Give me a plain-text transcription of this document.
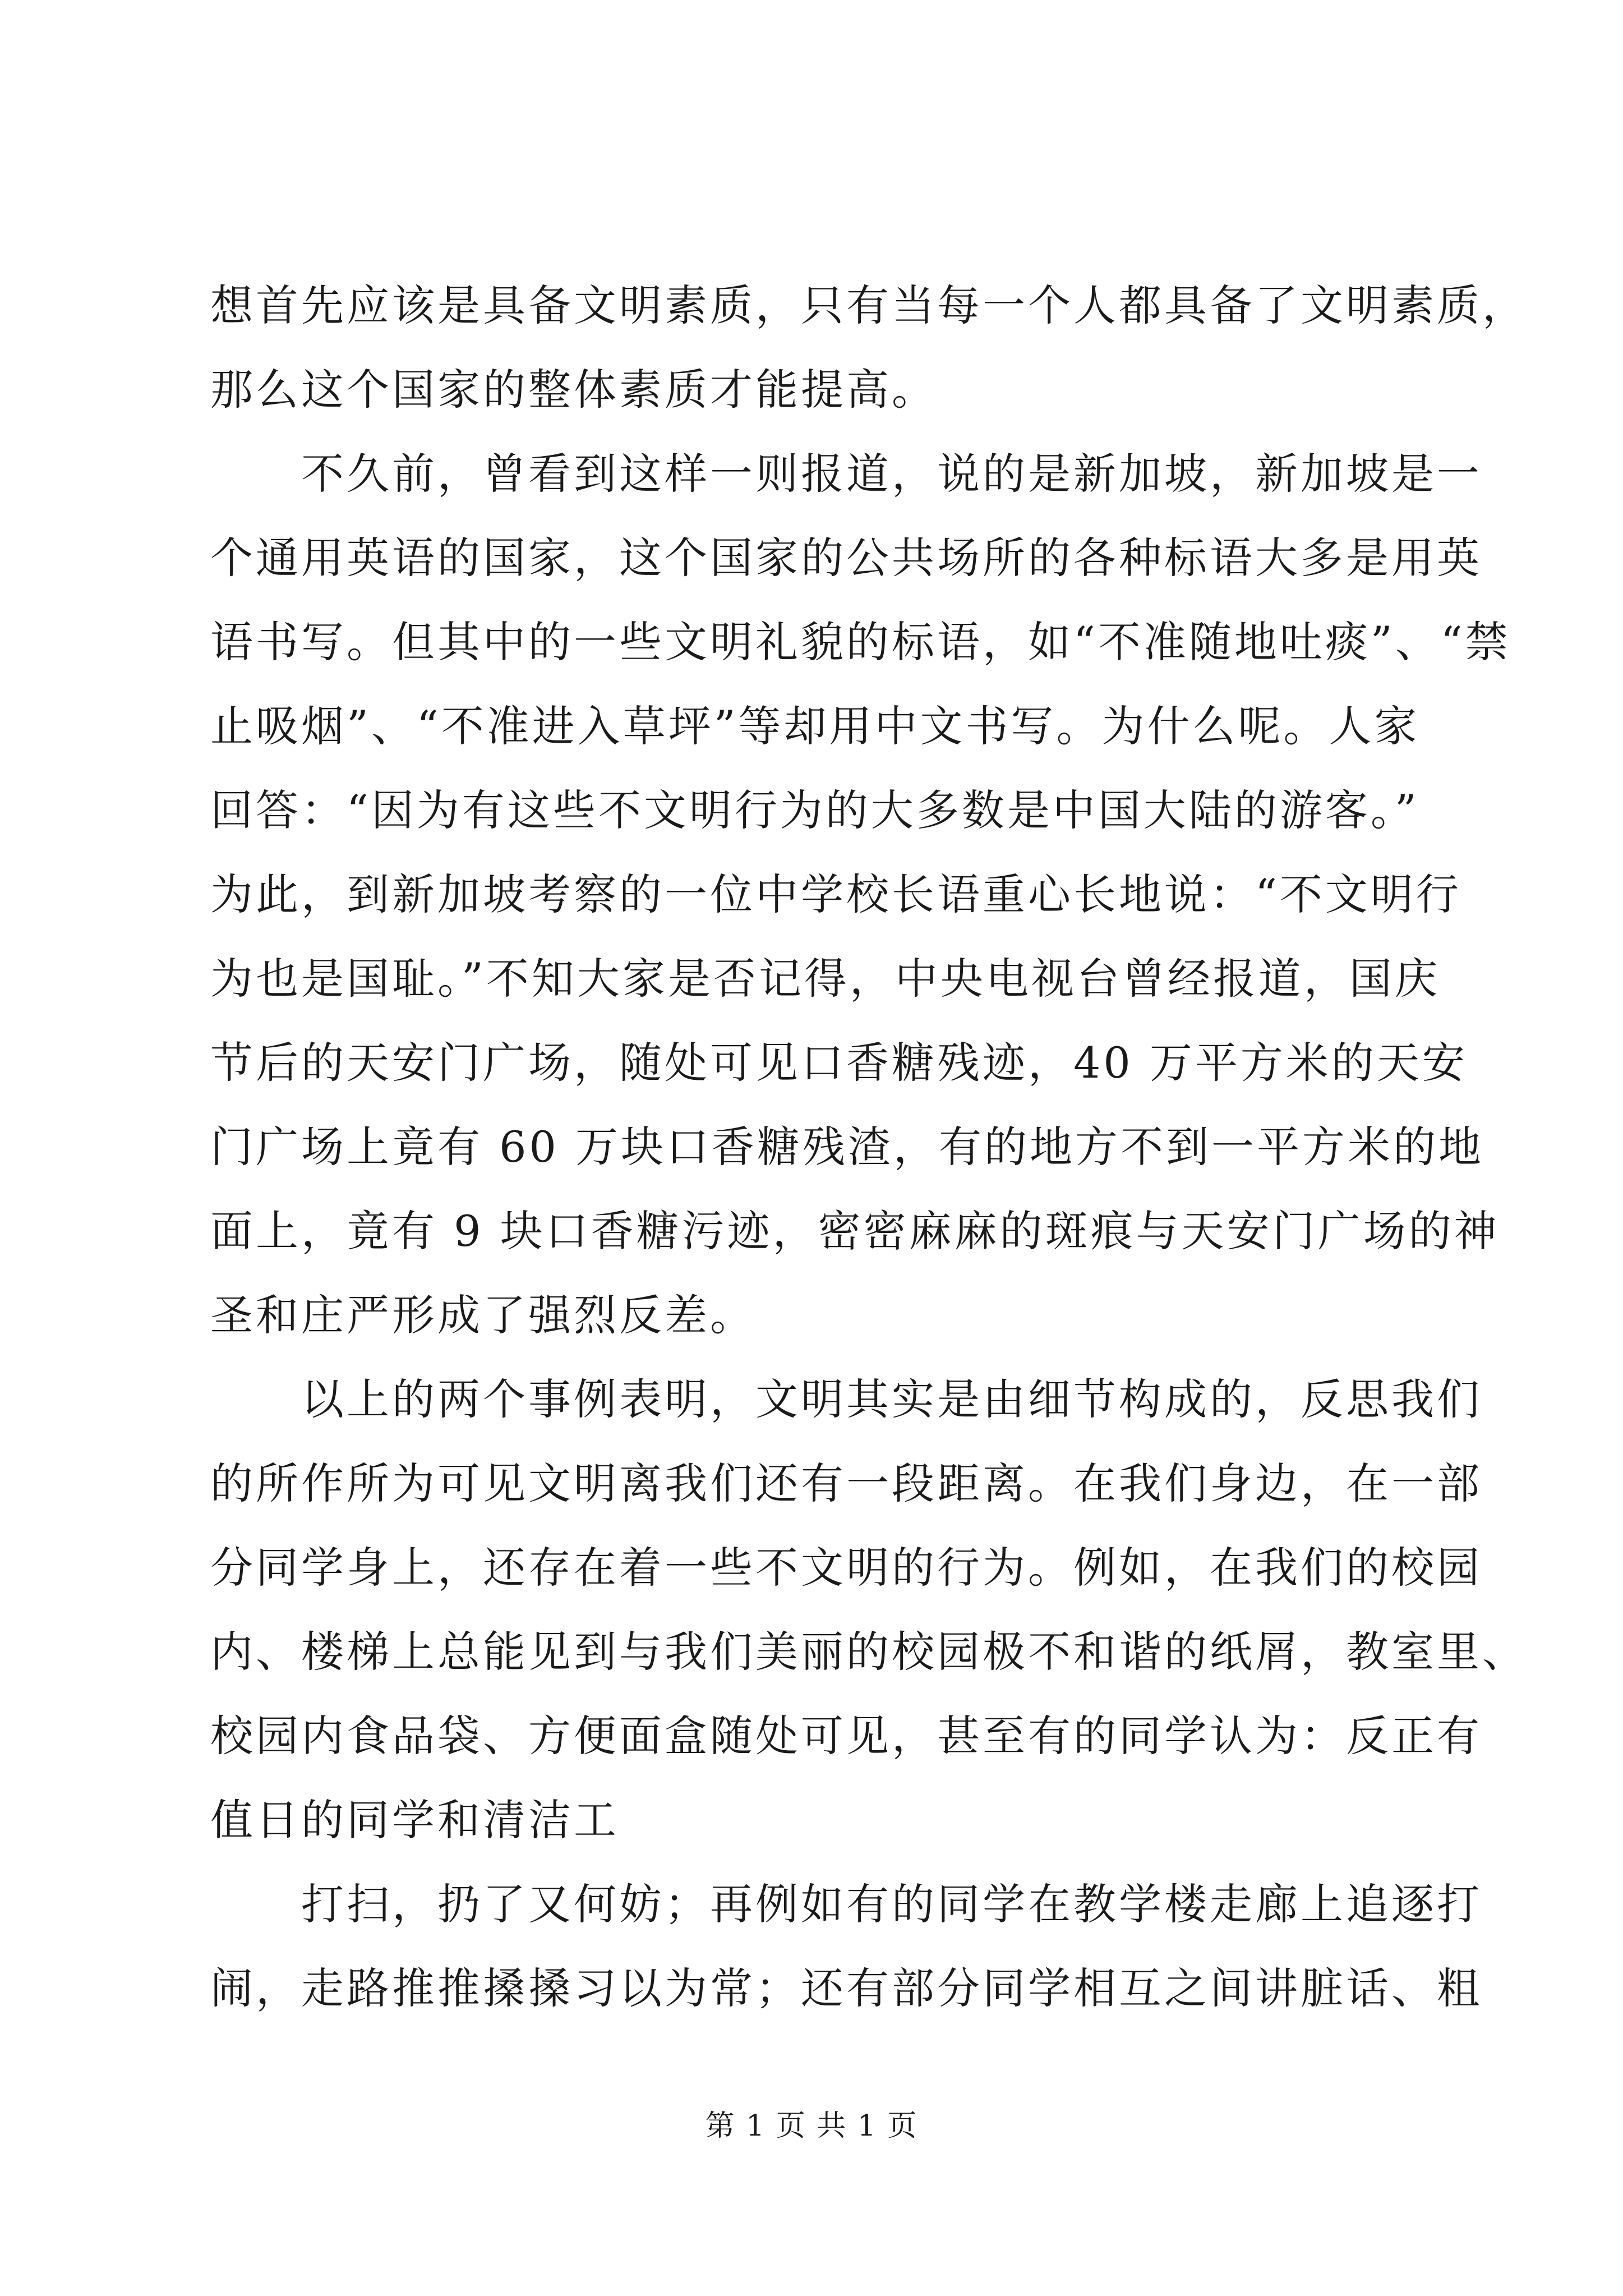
想首先应该是具备文明素质，只有当每一个人都具备了文明素质，
那么这个国家的整体素质才能提高。
　　不久前，曾看到这样一则报道，说的是新加坡，新加坡是一
个通用英语的国家，这个国家的公共场所的各种标语大多是用英
语书写。但其中的一些文明礼貌的标语，如“不准随地吐痰”、“禁
止吸烟”、“不准进入草坪”等却用中文书写。为什么呢。人家
回答：“因为有这些不文明行为的大多数是中国大陆的游客。”
为此，到新加坡考察的一位中学校长语重心长地说：“不文明行
为也是国耻。”不知大家是否记得，中央电视台曾经报道，国庆
节后的天安门广场，随处可见口香糖残迹，40 万平方米的天安
门广场上竟有 60 万块口香糖残渣，有的地方不到一平方米的地
面上，竟有 9 块口香糖污迹，密密麻麻的斑痕与天安门广场的神
圣和庄严形成了强烈反差。
　　以上的两个事例表明，文明其实是由细节构成的，反思我们
的所作所为可见文明离我们还有一段距离。在我们身边，在一部
分同学身上，还存在着一些不文明的行为。例如，在我们的校园
内、楼梯上总能见到与我们美丽的校园极不和谐的纸屑，教室里、
校园内食品袋、方便面盒随处可见，甚至有的同学认为：反正有
值日的同学和清洁工
　　打扫，扔了又何妨；再例如有的同学在教学楼走廊上追逐打
闹，走路推推搡搡习以为常；还有部分同学相互之间讲脏话、粗
第 1 页 共 1 页
